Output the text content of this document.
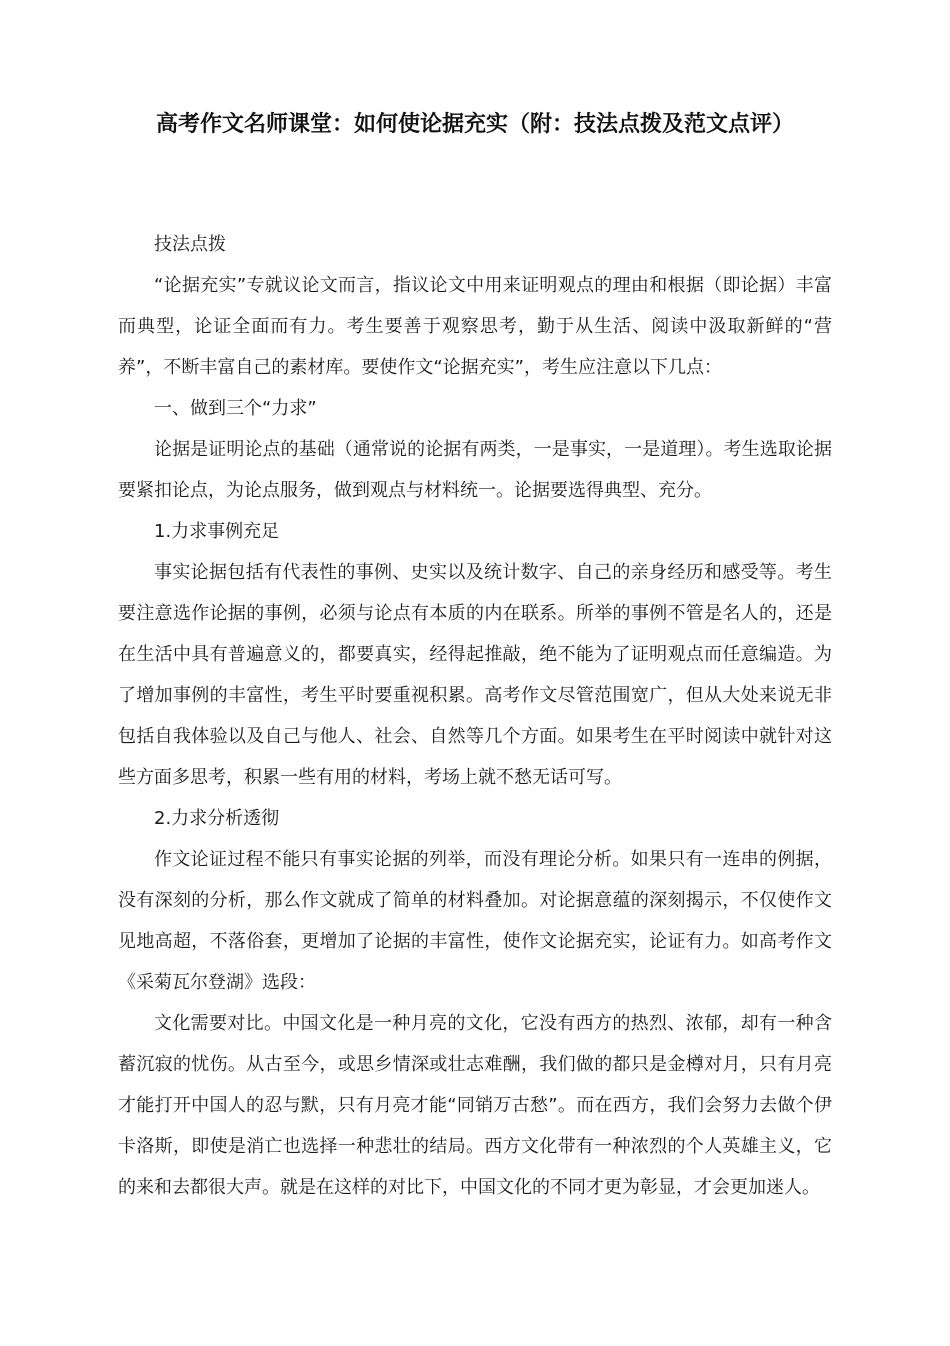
高考作文名师课堂：如何使论据充实（附：技法点拨及范文点评）

技法点拨

“论据充实”专就议论文而言，指议论文中用来证明观点的理由和根据（即论据）丰富而典型，论证全面而有力。考生要善于观察思考，勤于从生活、阅读中汲取新鲜的“营养”，不断丰富自己的素材库。要使作文“论据充实”，考生应注意以下几点：

一、做到三个“力求”

论据是证明论点的基础（通常说的论据有两类，一是事实，一是道理）。考生选取论据要紧扣论点，为论点服务，做到观点与材料统一。论据要选得典型、充分。

1.力求事例充足

事实论据包括有代表性的事例、史实以及统计数字、自己的亲身经历和感受等。考生要注意选作论据的事例，必须与论点有本质的内在联系。所举的事例不管是名人的，还是在生活中具有普遍意义的，都要真实，经得起推敲，绝不能为了证明观点而任意编造。为了增加事例的丰富性，考生平时要重视积累。高考作文尽管范围宽广，但从大处来说无非包括自我体验以及自己与他人、社会、自然等几个方面。如果考生在平时阅读中就针对这些方面多思考，积累一些有用的材料，考场上就不愁无话可写。

2.力求分析透彻

作文论证过程不能只有事实论据的列举，而没有理论分析。如果只有一连串的例据，没有深刻的分析，那么作文就成了简单的材料叠加。对论据意蕴的深刻揭示，不仅使作文见地高超，不落俗套，更增加了论据的丰富性，使作文论据充实，论证有力。如高考作文《采菊瓦尔登湖》选段：

文化需要对比。中国文化是一种月亮的文化，它没有西方的热烈、浓郁，却有一种含蓄沉寂的忧伤。从古至今，或思乡情深或壮志难酬，我们做的都只是金樽对月，只有月亮才能打开中国人的忍与默，只有月亮才能“同销万古愁”。而在西方，我们会努力去做个伊卡洛斯，即使是消亡也选择一种悲壮的结局。西方文化带有一种浓烈的个人英雄主义，它的来和去都很大声。就是在这样的对比下，中国文化的不同才更为彰显，才会更加迷人。
